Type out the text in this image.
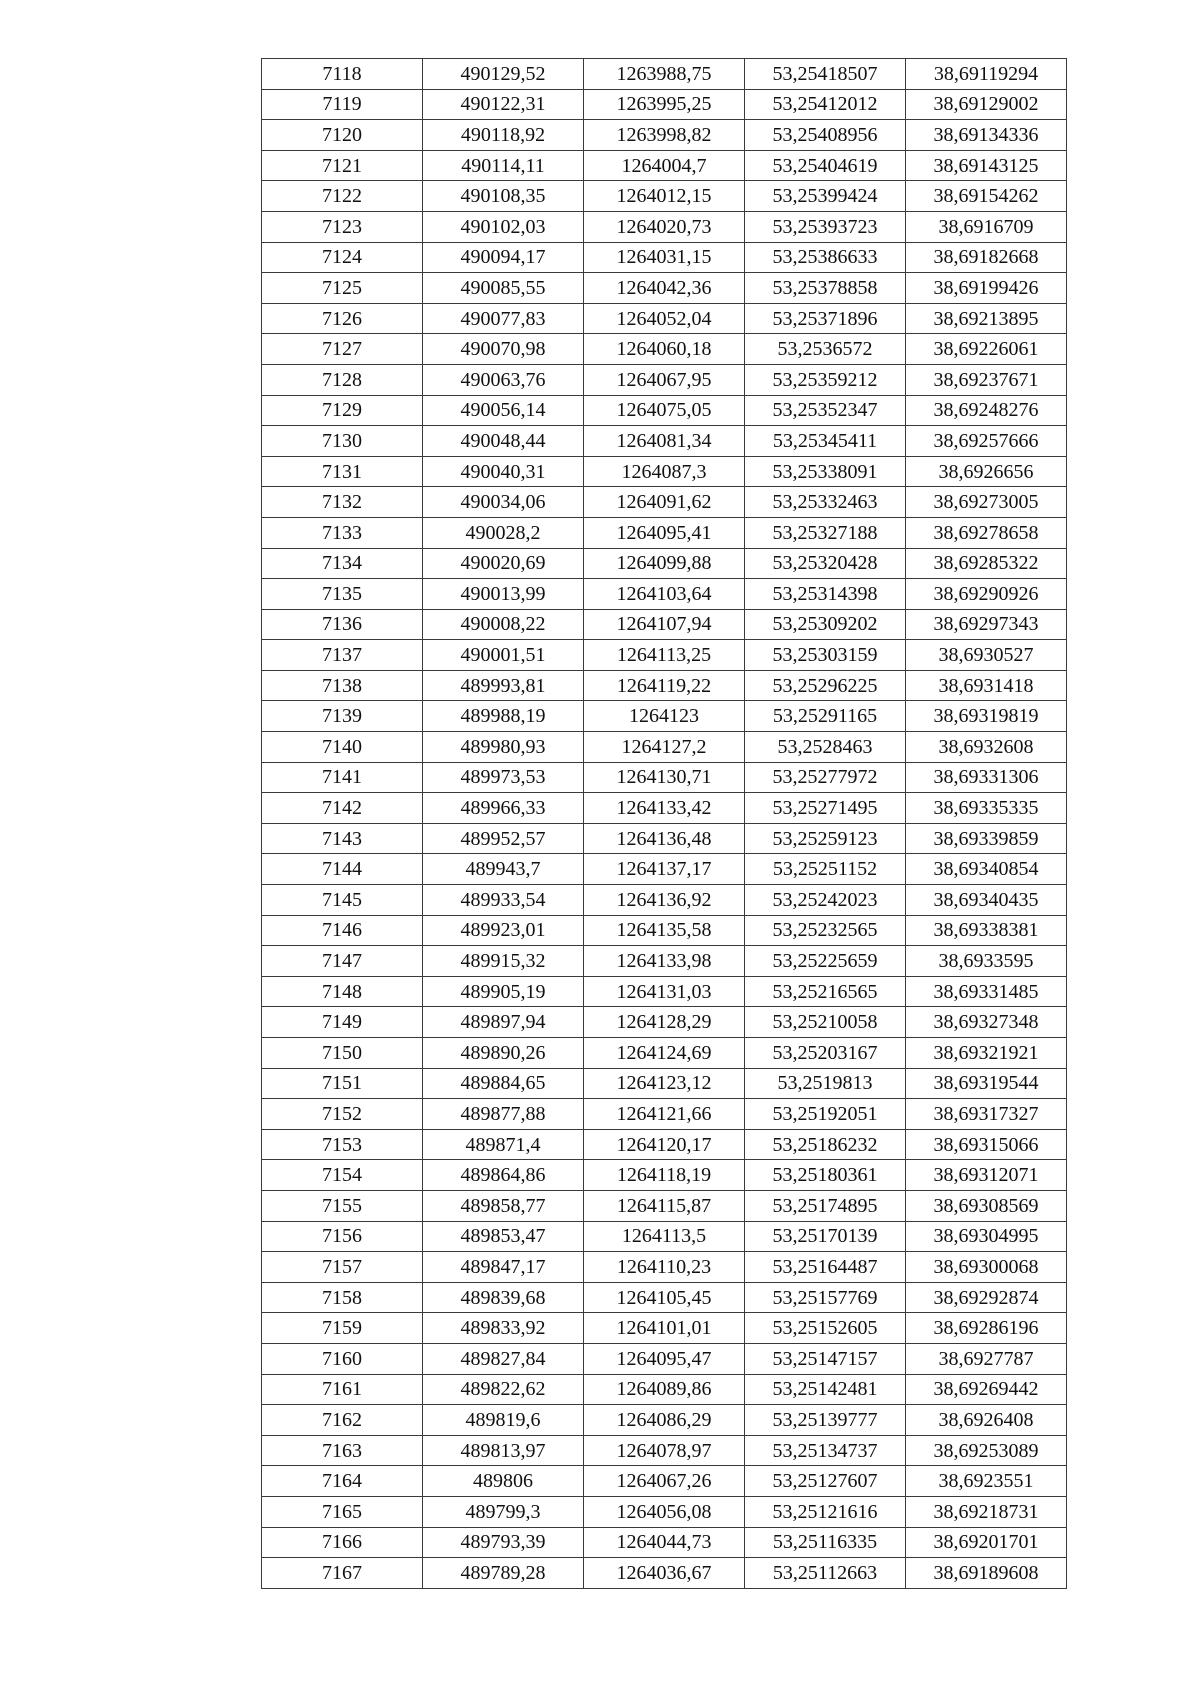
7118	490129,52	1263988,75	53,25418507	38,69119294
7119	490122,31	1263995,25	53,25412012	38,69129002
7120	490118,92	1263998,82	53,25408956	38,69134336
7121	490114,11	1264004,7	53,25404619	38,69143125
7122	490108,35	1264012,15	53,25399424	38,69154262
7123	490102,03	1264020,73	53,25393723	38,6916709
7124	490094,17	1264031,15	53,25386633	38,69182668
7125	490085,55	1264042,36	53,25378858	38,69199426
7126	490077,83	1264052,04	53,25371896	38,69213895
7127	490070,98	1264060,18	53,2536572	38,69226061
7128	490063,76	1264067,95	53,25359212	38,69237671
7129	490056,14	1264075,05	53,25352347	38,69248276
7130	490048,44	1264081,34	53,25345411	38,69257666
7131	490040,31	1264087,3	53,25338091	38,6926656
7132	490034,06	1264091,62	53,25332463	38,69273005
7133	490028,2	1264095,41	53,25327188	38,69278658
7134	490020,69	1264099,88	53,25320428	38,69285322
7135	490013,99	1264103,64	53,25314398	38,69290926
7136	490008,22	1264107,94	53,25309202	38,69297343
7137	490001,51	1264113,25	53,25303159	38,6930527
7138	489993,81	1264119,22	53,25296225	38,6931418
7139	489988,19	1264123	53,25291165	38,69319819
7140	489980,93	1264127,2	53,2528463	38,6932608
7141	489973,53	1264130,71	53,25277972	38,69331306
7142	489966,33	1264133,42	53,25271495	38,69335335
7143	489952,57	1264136,48	53,25259123	38,69339859
7144	489943,7	1264137,17	53,25251152	38,69340854
7145	489933,54	1264136,92	53,25242023	38,69340435
7146	489923,01	1264135,58	53,25232565	38,69338381
7147	489915,32	1264133,98	53,25225659	38,6933595
7148	489905,19	1264131,03	53,25216565	38,69331485
7149	489897,94	1264128,29	53,25210058	38,69327348
7150	489890,26	1264124,69	53,25203167	38,69321921
7151	489884,65	1264123,12	53,2519813	38,69319544
7152	489877,88	1264121,66	53,25192051	38,69317327
7153	489871,4	1264120,17	53,25186232	38,69315066
7154	489864,86	1264118,19	53,25180361	38,69312071
7155	489858,77	1264115,87	53,25174895	38,69308569
7156	489853,47	1264113,5	53,25170139	38,69304995
7157	489847,17	1264110,23	53,25164487	38,69300068
7158	489839,68	1264105,45	53,25157769	38,69292874
7159	489833,92	1264101,01	53,25152605	38,69286196
7160	489827,84	1264095,47	53,25147157	38,6927787
7161	489822,62	1264089,86	53,25142481	38,69269442
7162	489819,6	1264086,29	53,25139777	38,6926408
7163	489813,97	1264078,97	53,25134737	38,69253089
7164	489806	1264067,26	53,25127607	38,6923551
7165	489799,3	1264056,08	53,25121616	38,69218731
7166	489793,39	1264044,73	53,25116335	38,69201701
7167	489789,28	1264036,67	53,25112663	38,69189608
